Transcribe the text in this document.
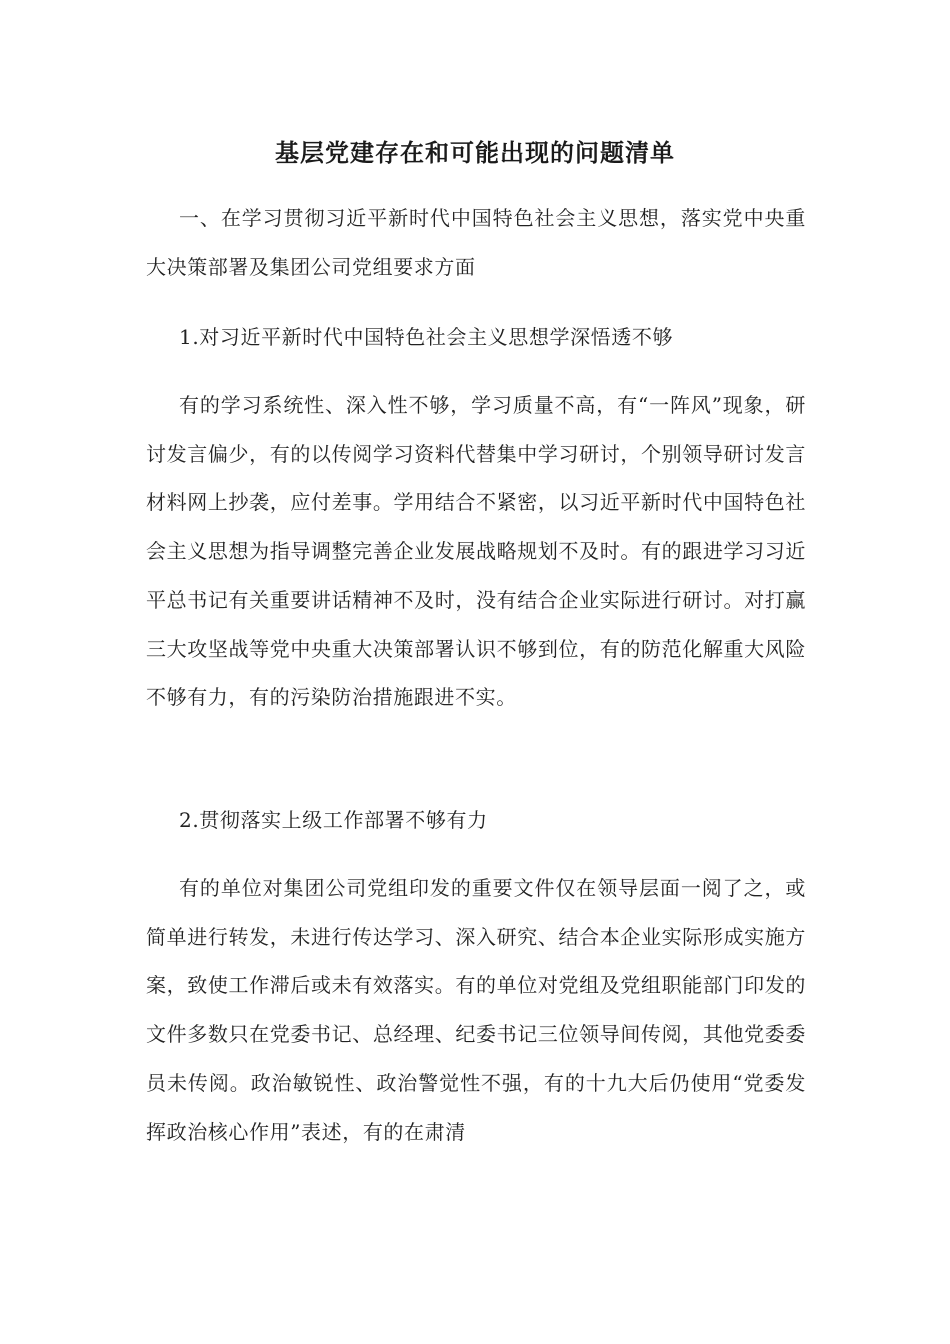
基层党建存在和可能出现的问题清单

一、在学习贯彻习近平新时代中国特色社会主义思想，落实党中央重大决策部署及集团公司党组要求方面

1.对习近平新时代中国特色社会主义思想学深悟透不够

有的学习系统性、深入性不够，学习质量不高，有“一阵风”现象，研讨发言偏少，有的以传阅学习资料代替集中学习研讨，个别领导研讨发言材料网上抄袭，应付差事。学用结合不紧密，以习近平新时代中国特色社会主义思想为指导调整完善企业发展战略规划不及时。有的跟进学习习近平总书记有关重要讲话精神不及时，没有结合企业实际进行研讨。对打赢三大攻坚战等党中央重大决策部署认识不够到位，有的防范化解重大风险不够有力，有的污染防治措施跟进不实。

2.贯彻落实上级工作部署不够有力

有的单位对集团公司党组印发的重要文件仅在领导层面一阅了之，或简单进行转发，未进行传达学习、深入研究、结合本企业实际形成实施方案，致使工作滞后或未有效落实。有的单位对党组及党组职能部门印发的文件多数只在党委书记、总经理、纪委书记三位领导间传阅，其他党委委员未传阅。政治敏锐性、政治警觉性不强，有的十九大后仍使用“党委发挥政治核心作用”表述，有的在肃清
